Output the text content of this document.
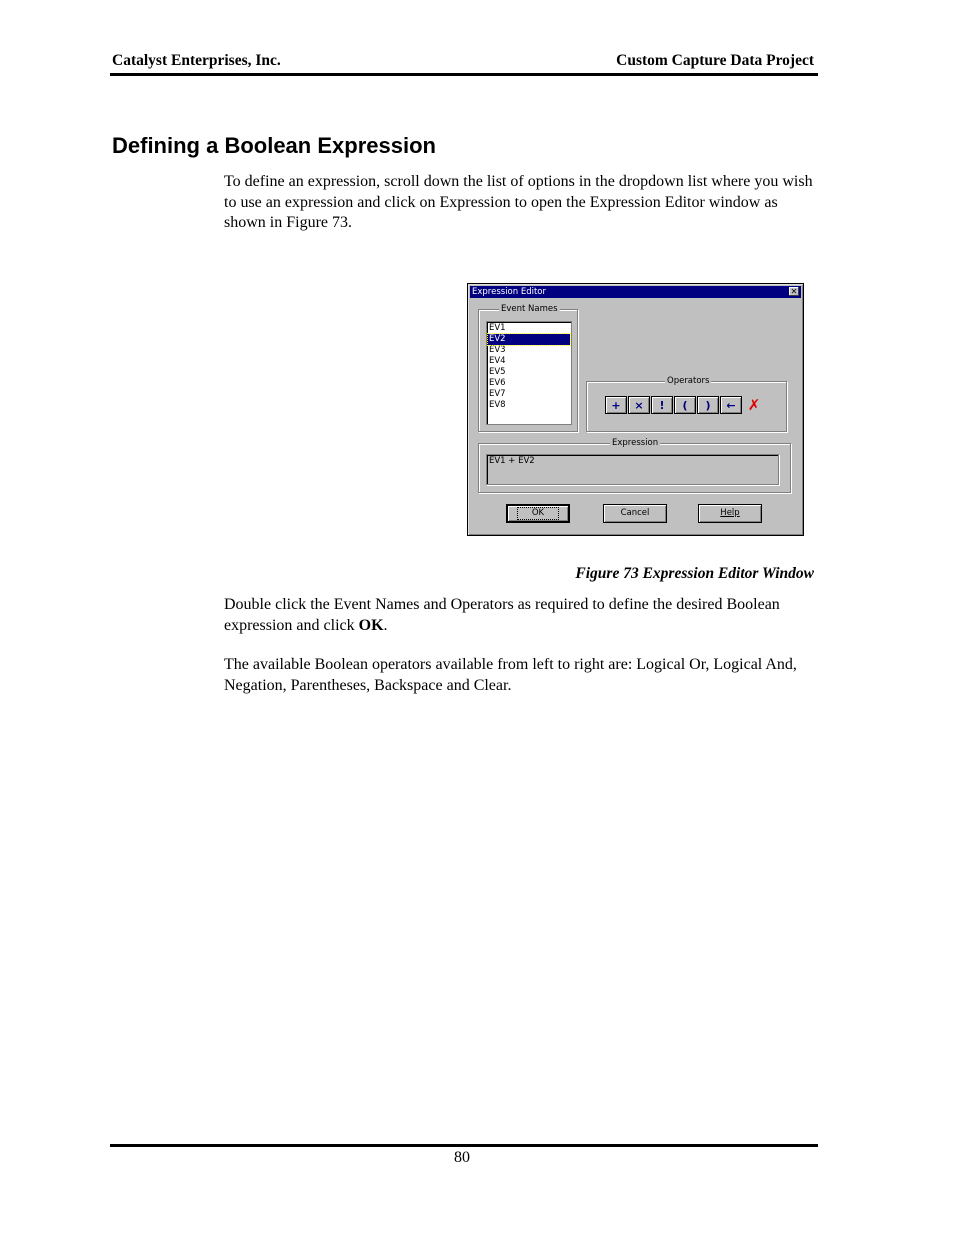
Catalyst Enterprises, Inc.	Custom Capture Data Project
Defining a Boolean Expression
To define an expression, scroll down the list of options in the dropdown list where you wish to use an expression and click on Expression to open the Expression Editor window as shown in Figure 73.
Expression Editor	✕
Event Names
EV1
EV2
EV3
EV4
EV5
EV6
EV7
EV8
Operators
+	×	!	(	)	← ✗
Expression
EV1 + EV2
OK	Cancel	Help
Figure 73 Expression Editor Window
Double click the Event Names and Operators as required to define the desired Boolean expression and click OK.
The available Boolean operators available from left to right are: Logical Or, Logical And, Negation, Parentheses, Backspace and Clear.
80
